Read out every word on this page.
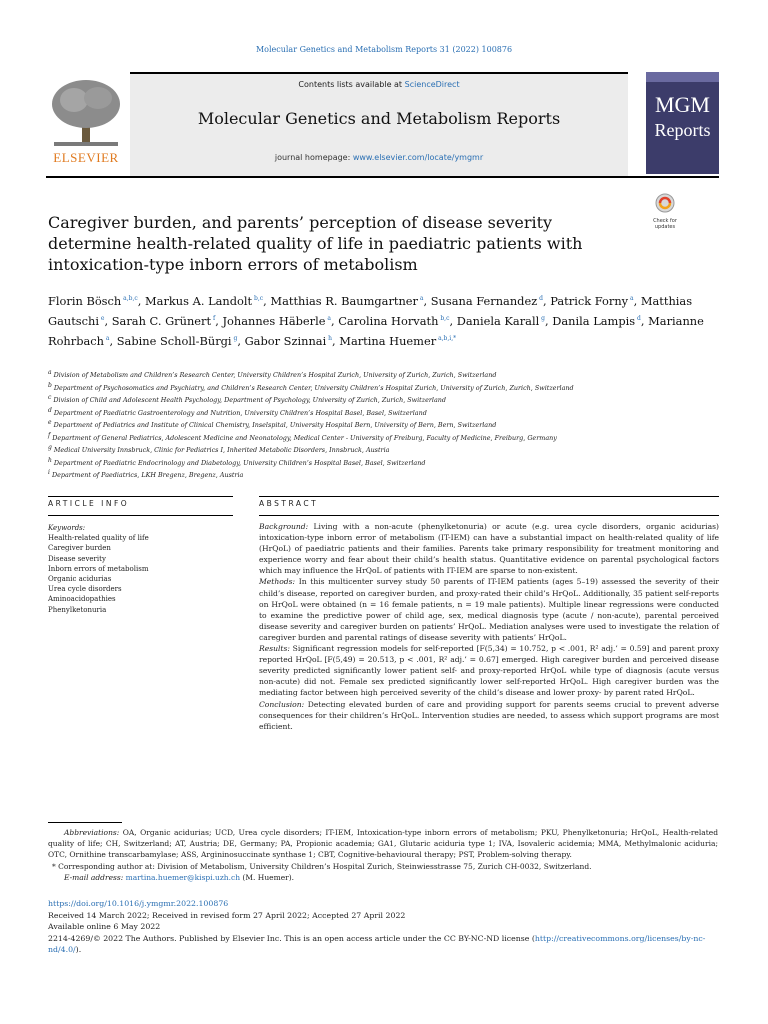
Molecular Genetics and Metabolism Reports 31 (2022) 100876
ELSEVIER
Contents lists available at ScienceDirect
Molecular Genetics and Metabolism Reports
journal homepage: www.elsevier.com/locate/ymgmr
MGM
Reports
Check for updates
Caregiver burden, and parents’ perception of disease severity determine health-related quality of life in paediatric patients with intoxication-type inborn errors of metabolism
Florin Bösch $^{a,b,c}$, Markus A. Landolt $^{b,c}$, Matthias R. Baumgartner $^a$, Susana Fernandez $^d$, Patrick Forny $^a$, Matthias Gautschi $^e$, Sarah C. Grünert $^f$, Johannes Häberle $^a$, Carolina Horvath $^{b,c}$, Daniela Karall $^g$, Danila Lampis $^d$, Marianne Rohrbach $^a$, Sabine Scholl-Bürgi $^g$, Gabor Szinnai $^h$, Martina Huemer $^{a,b,i,*}$
$^a$ Division of Metabolism and Children’s Research Center, University Children’s Hospital Zurich, University of Zurich, Zurich, Switzerland
$^b$ Department of Psychosomatics and Psychiatry, and Children’s Research Center, University Children’s Hospital Zurich, University of Zurich, Zurich, Switzerland
$^c$ Division of Child and Adolescent Health Psychology, Department of Psychology, University of Zurich, Zurich, Switzerland
$^d$ Department of Paediatric Gastroenterology and Nutrition, University Children’s Hospital Basel, Basel, Switzerland
$^e$ Department of Pediatrics and Institute of Clinical Chemistry, Inselspital, University Hospital Bern, University of Bern, Bern, Switzerland
$^f$ Department of General Pediatrics, Adolescent Medicine and Neonatology, Medical Center - University of Freiburg, Faculty of Medicine, Freiburg, Germany
$^g$ Medical University Innsbruck, Clinic for Pediatrics I, Inherited Metabolic Disorders, Innsbruck, Austria
$^h$ Department of Paediatric Endocrinology and Diabetology, University Children’s Hospital Basel, Basel, Switzerland
$^i$ Department of Paediatrics, LKH Bregenz, Bregenz, Austria
ARTICLE INFO	ABSTRACT
Keywords:
Health-related quality of life
Caregiver burden
Disease severity
Inborn errors of metabolism
Organic acidurias
Urea cycle disorders
Aminoacidopathies
Phenylketonuria

Background: Living with a non-acute (phenylketonuria) or acute (e.g. urea cycle disorders, organic acidurias) intoxication-type inborn error of metabolism (IT-IEM) can have a substantial impact on health-related quality of life (HrQoL) of paediatric patients and their families. Parents take primary responsibility for treatment monitoring and experience worry and fear about their child’s health status. Quantitative evidence on parental psychological factors which may influence the HrQoL of patients with IT-IEM are sparse to non-existent.

Methods: In this multicenter survey study 50 parents of IT-IEM patients (ages 5–19) assessed the severity of their child’s disease, reported on caregiver burden, and proxy-rated their child’s HrQoL. Additionally, 35 patient self-reports on HrQoL were obtained (n = 16 female patients, n = 19 male patients). Multiple linear regressions were conducted to examine the predictive power of child age, sex, medical diagnosis type (acute / non-acute), parental perceived disease severity and caregiver burden on patients’ HrQoL. Mediation analyses were used to investigate the relation of caregiver burden and parental ratings of disease severity with patients’ HrQoL.

Results: Significant regression models for self-reported [F(5,34) = 10.752, p < .001, R² adj.’ = 0.59] and parent proxy reported HrQoL [F(5,49) = 20.513, p < .001, R² adj.’ = 0.67] emerged. High caregiver burden and perceived disease severity predicted significantly lower patient self- and proxy-reported HrQoL while type of diagnosis (acute versus non-acute) did not. Female sex predicted significantly lower self-reported HrQoL. High caregiver burden was the mediating factor between high perceived severity of the child’s disease and lower proxy- by parent rated HrQoL.

Conclusion: Detecting elevated burden of care and providing support for parents seems crucial to prevent adverse consequences for their children’s HrQoL. Intervention studies are needed, to assess which support programs are most efficient.

Abbreviations: OA, Organic acidurias; UCD, Urea cycle disorders; IT-IEM, Intoxication-type inborn errors of metabolism; PKU, Phenylketonuria; HrQoL, Health-related quality of life; CH, Switzerland; AT, Austria; DE, Germany; PA, Propionic academia; GA1, Glutaric aciduria type 1; IVA, Isovaleric acidemia; MMA, Methylmalonic aciduria; OTC, Ornithine transcarbamylase; ASS, Argininosuccinate synthase 1; CBT, Cognitive-behavioural therapy; PST, Problem-solving therapy.

* Corresponding author at: Division of Metabolism, University Children’s Hospital Zurich, Steinwiesstrasse 75, Zurich CH-0032, Switzerland.

E-mail address: martina.huemer@kispi.uzh.ch (M. Huemer).

https://doi.org/10.1016/j.ymgmr.2022.100876
Received 14 March 2022; Received in revised form 27 April 2022; Accepted 27 April 2022
Available online 6 May 2022
2214-4269/© 2022 The Authors. Published by Elsevier Inc. This is an open access article under the CC BY-NC-ND license (http://creativecommons.org/licenses/by-nc-nd/4.0/).
